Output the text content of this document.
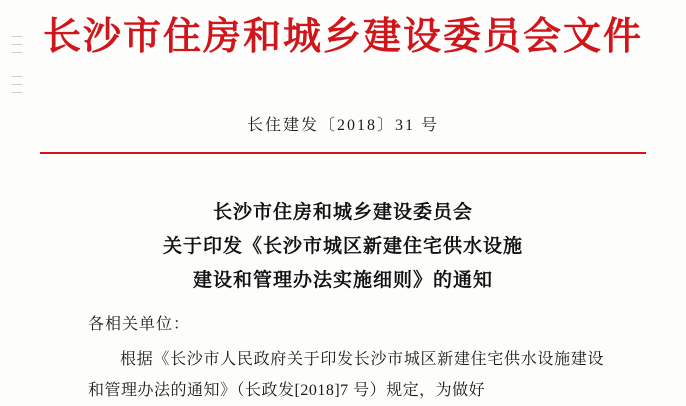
长沙市住房和城乡建设委员会文件
长住建发〔2018〕31 号
长沙市住房和城乡建设委员会
关于印发《长沙市城区新建住宅供水设施
建设和管理办法实施细则》的通知
各相关单位：
根据《长沙市人民政府关于印发长沙市城区新建住宅供水设施建设和管理办法的通知》（长政发[2018]7 号）规定，为做好
